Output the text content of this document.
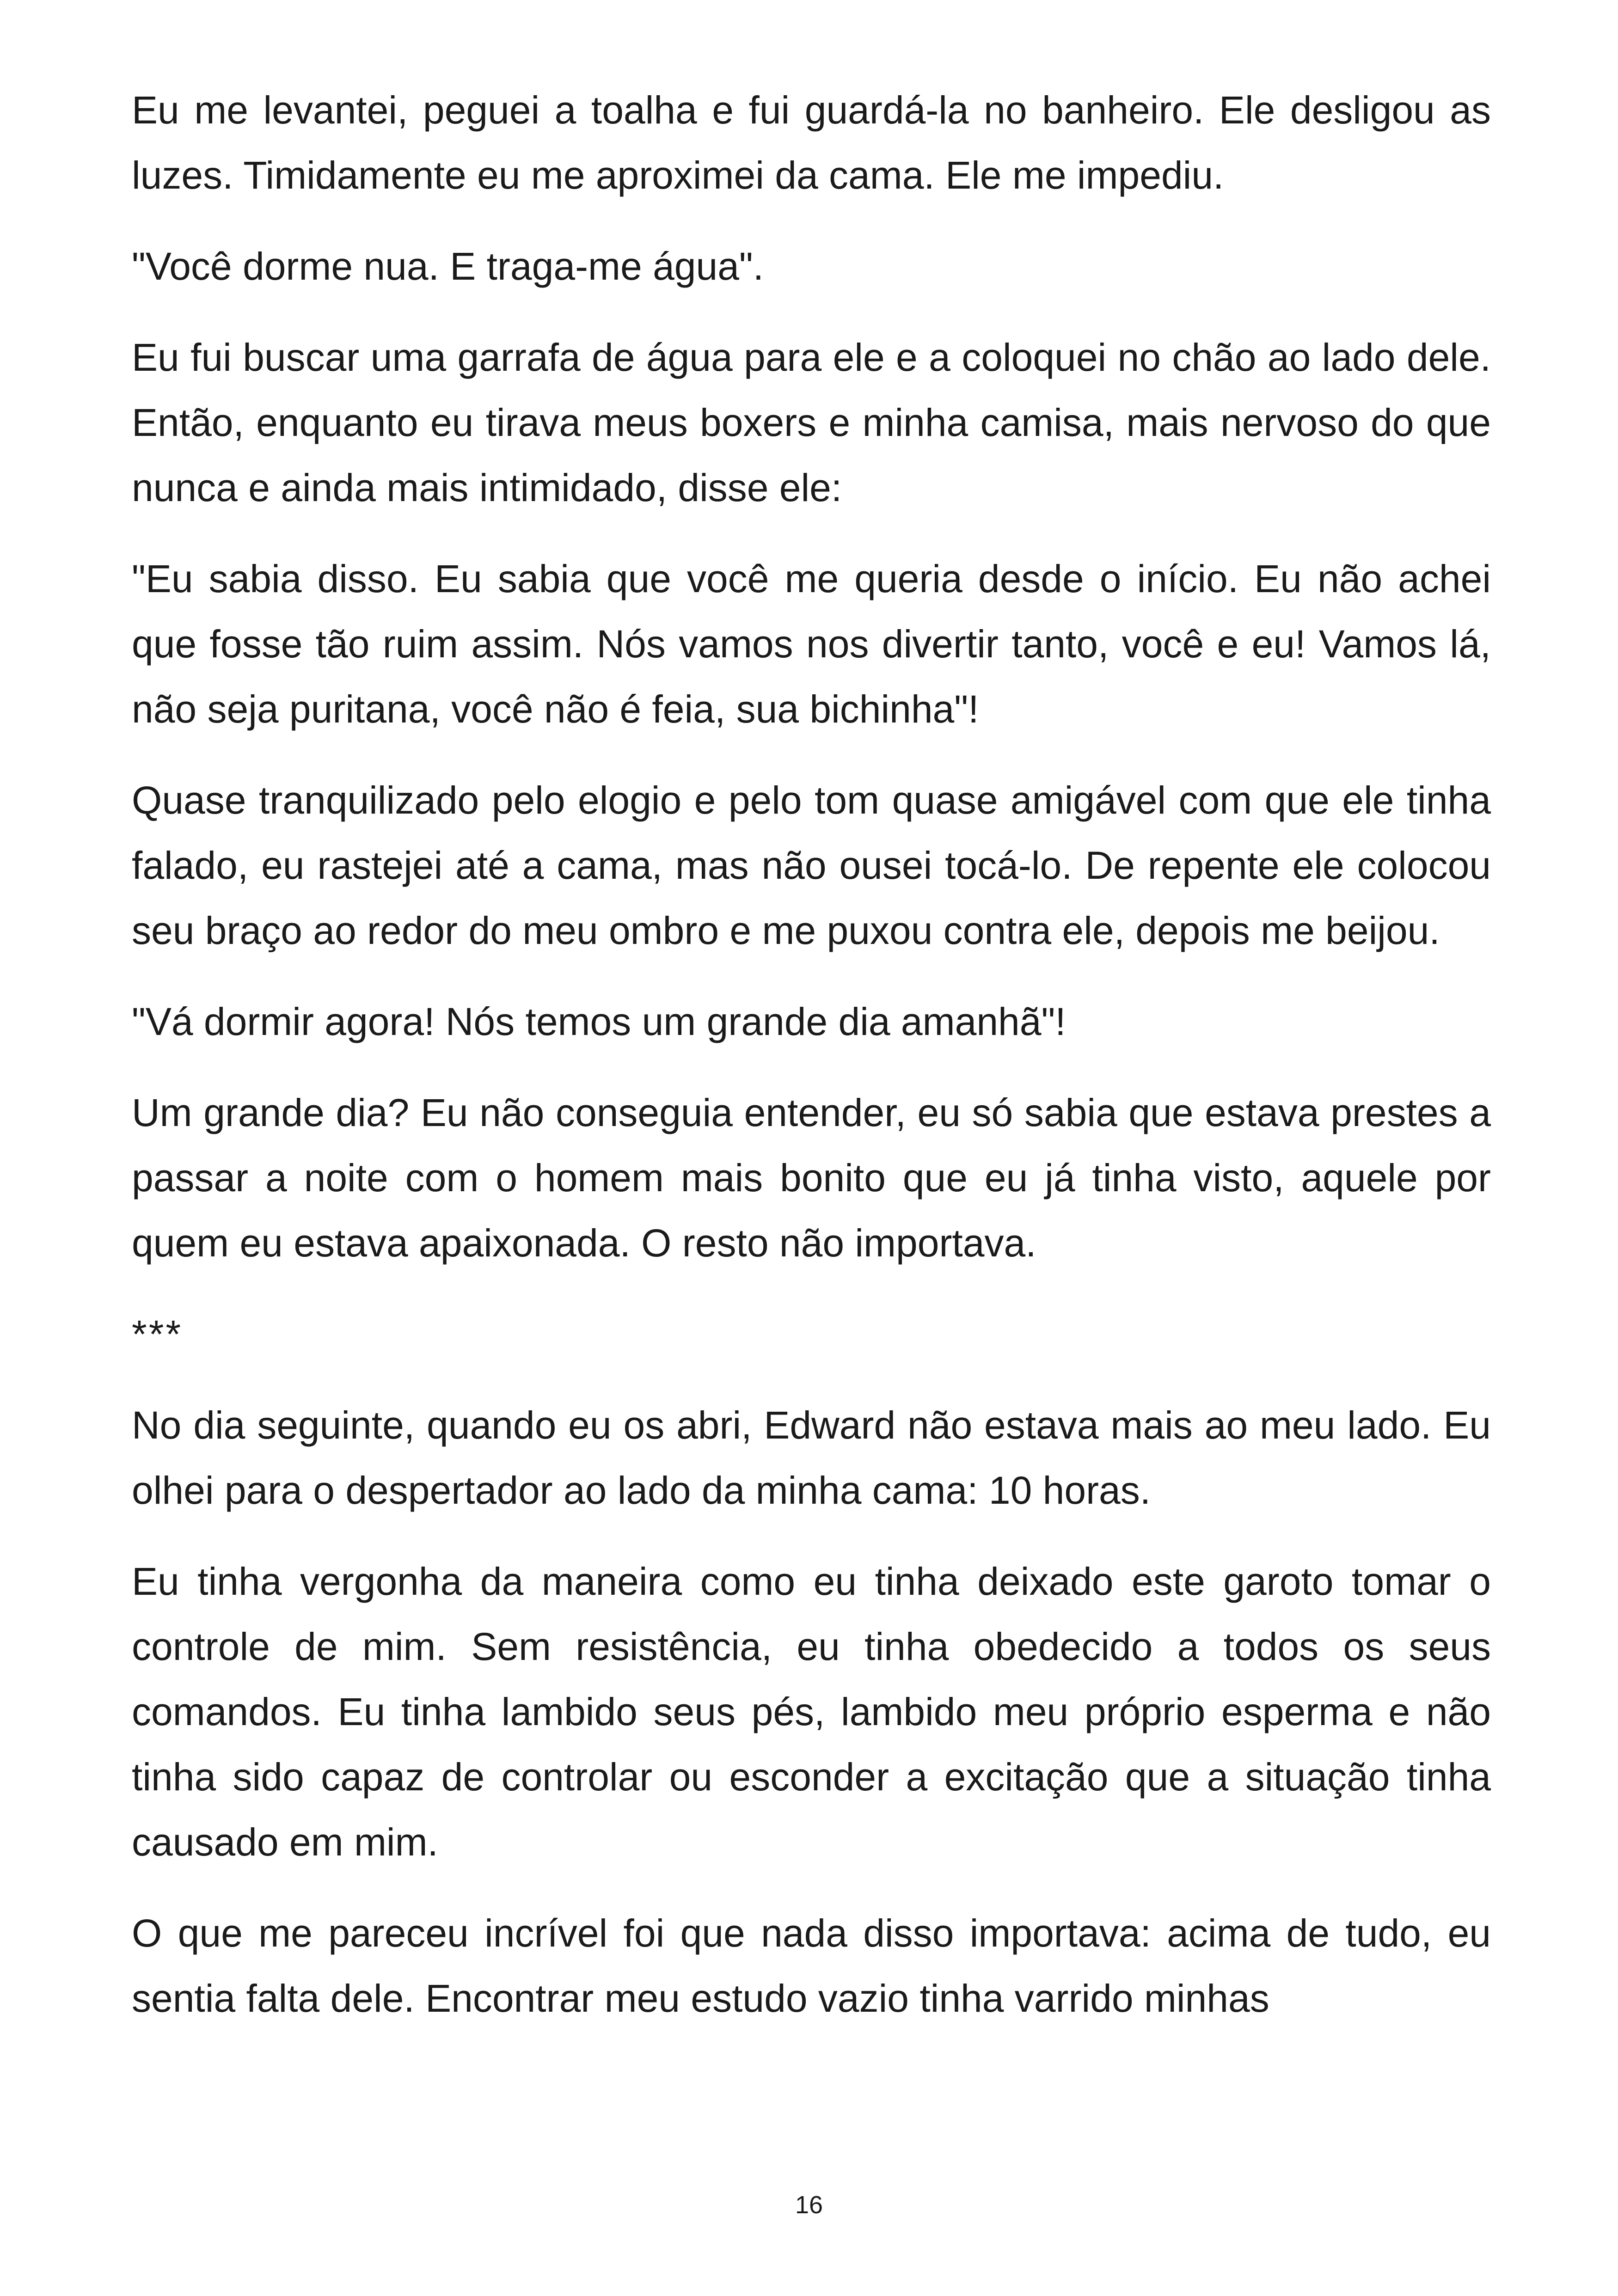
Eu me levantei, peguei a toalha e fui guardá-la no banheiro. Ele desligou as luzes. Timidamente eu me aproximei da cama. Ele me impediu.

"Você dorme nua. E traga-me água".

Eu fui buscar uma garrafa de água para ele e a coloquei no chão ao lado dele. Então, enquanto eu tirava meus boxers e minha camisa, mais nervoso do que nunca e ainda mais intimidado, disse ele:

"Eu sabia disso. Eu sabia que você me queria desde o início. Eu não achei que fosse tão ruim assim. Nós vamos nos divertir tanto, você e eu! Vamos lá, não seja puritana, você não é feia, sua bichinha"!

Quase tranquilizado pelo elogio e pelo tom quase amigável com que ele tinha falado, eu rastejei até a cama, mas não ousei tocá-lo. De repente ele colocou seu braço ao redor do meu ombro e me puxou contra ele, depois me beijou.

"Vá dormir agora! Nós temos um grande dia amanhã"!

Um grande dia? Eu não conseguia entender, eu só sabia que estava prestes a passar a noite com o homem mais bonito que eu já tinha visto, aquele por quem eu estava apaixonada. O resto não importava.

***

No dia seguinte, quando eu os abri, Edward não estava mais ao meu lado. Eu olhei para o despertador ao lado da minha cama: 10 horas.

Eu tinha vergonha da maneira como eu tinha deixado este garoto tomar o controle de mim. Sem resistência, eu tinha obedecido a todos os seus comandos. Eu tinha lambido seus pés, lambido meu próprio esperma e não tinha sido capaz de controlar ou esconder a excitação que a situação tinha causado em mim.

O que me pareceu incrível foi que nada disso importava: acima de tudo, eu sentia falta dele. Encontrar meu estudo vazio tinha varrido minhas

16
